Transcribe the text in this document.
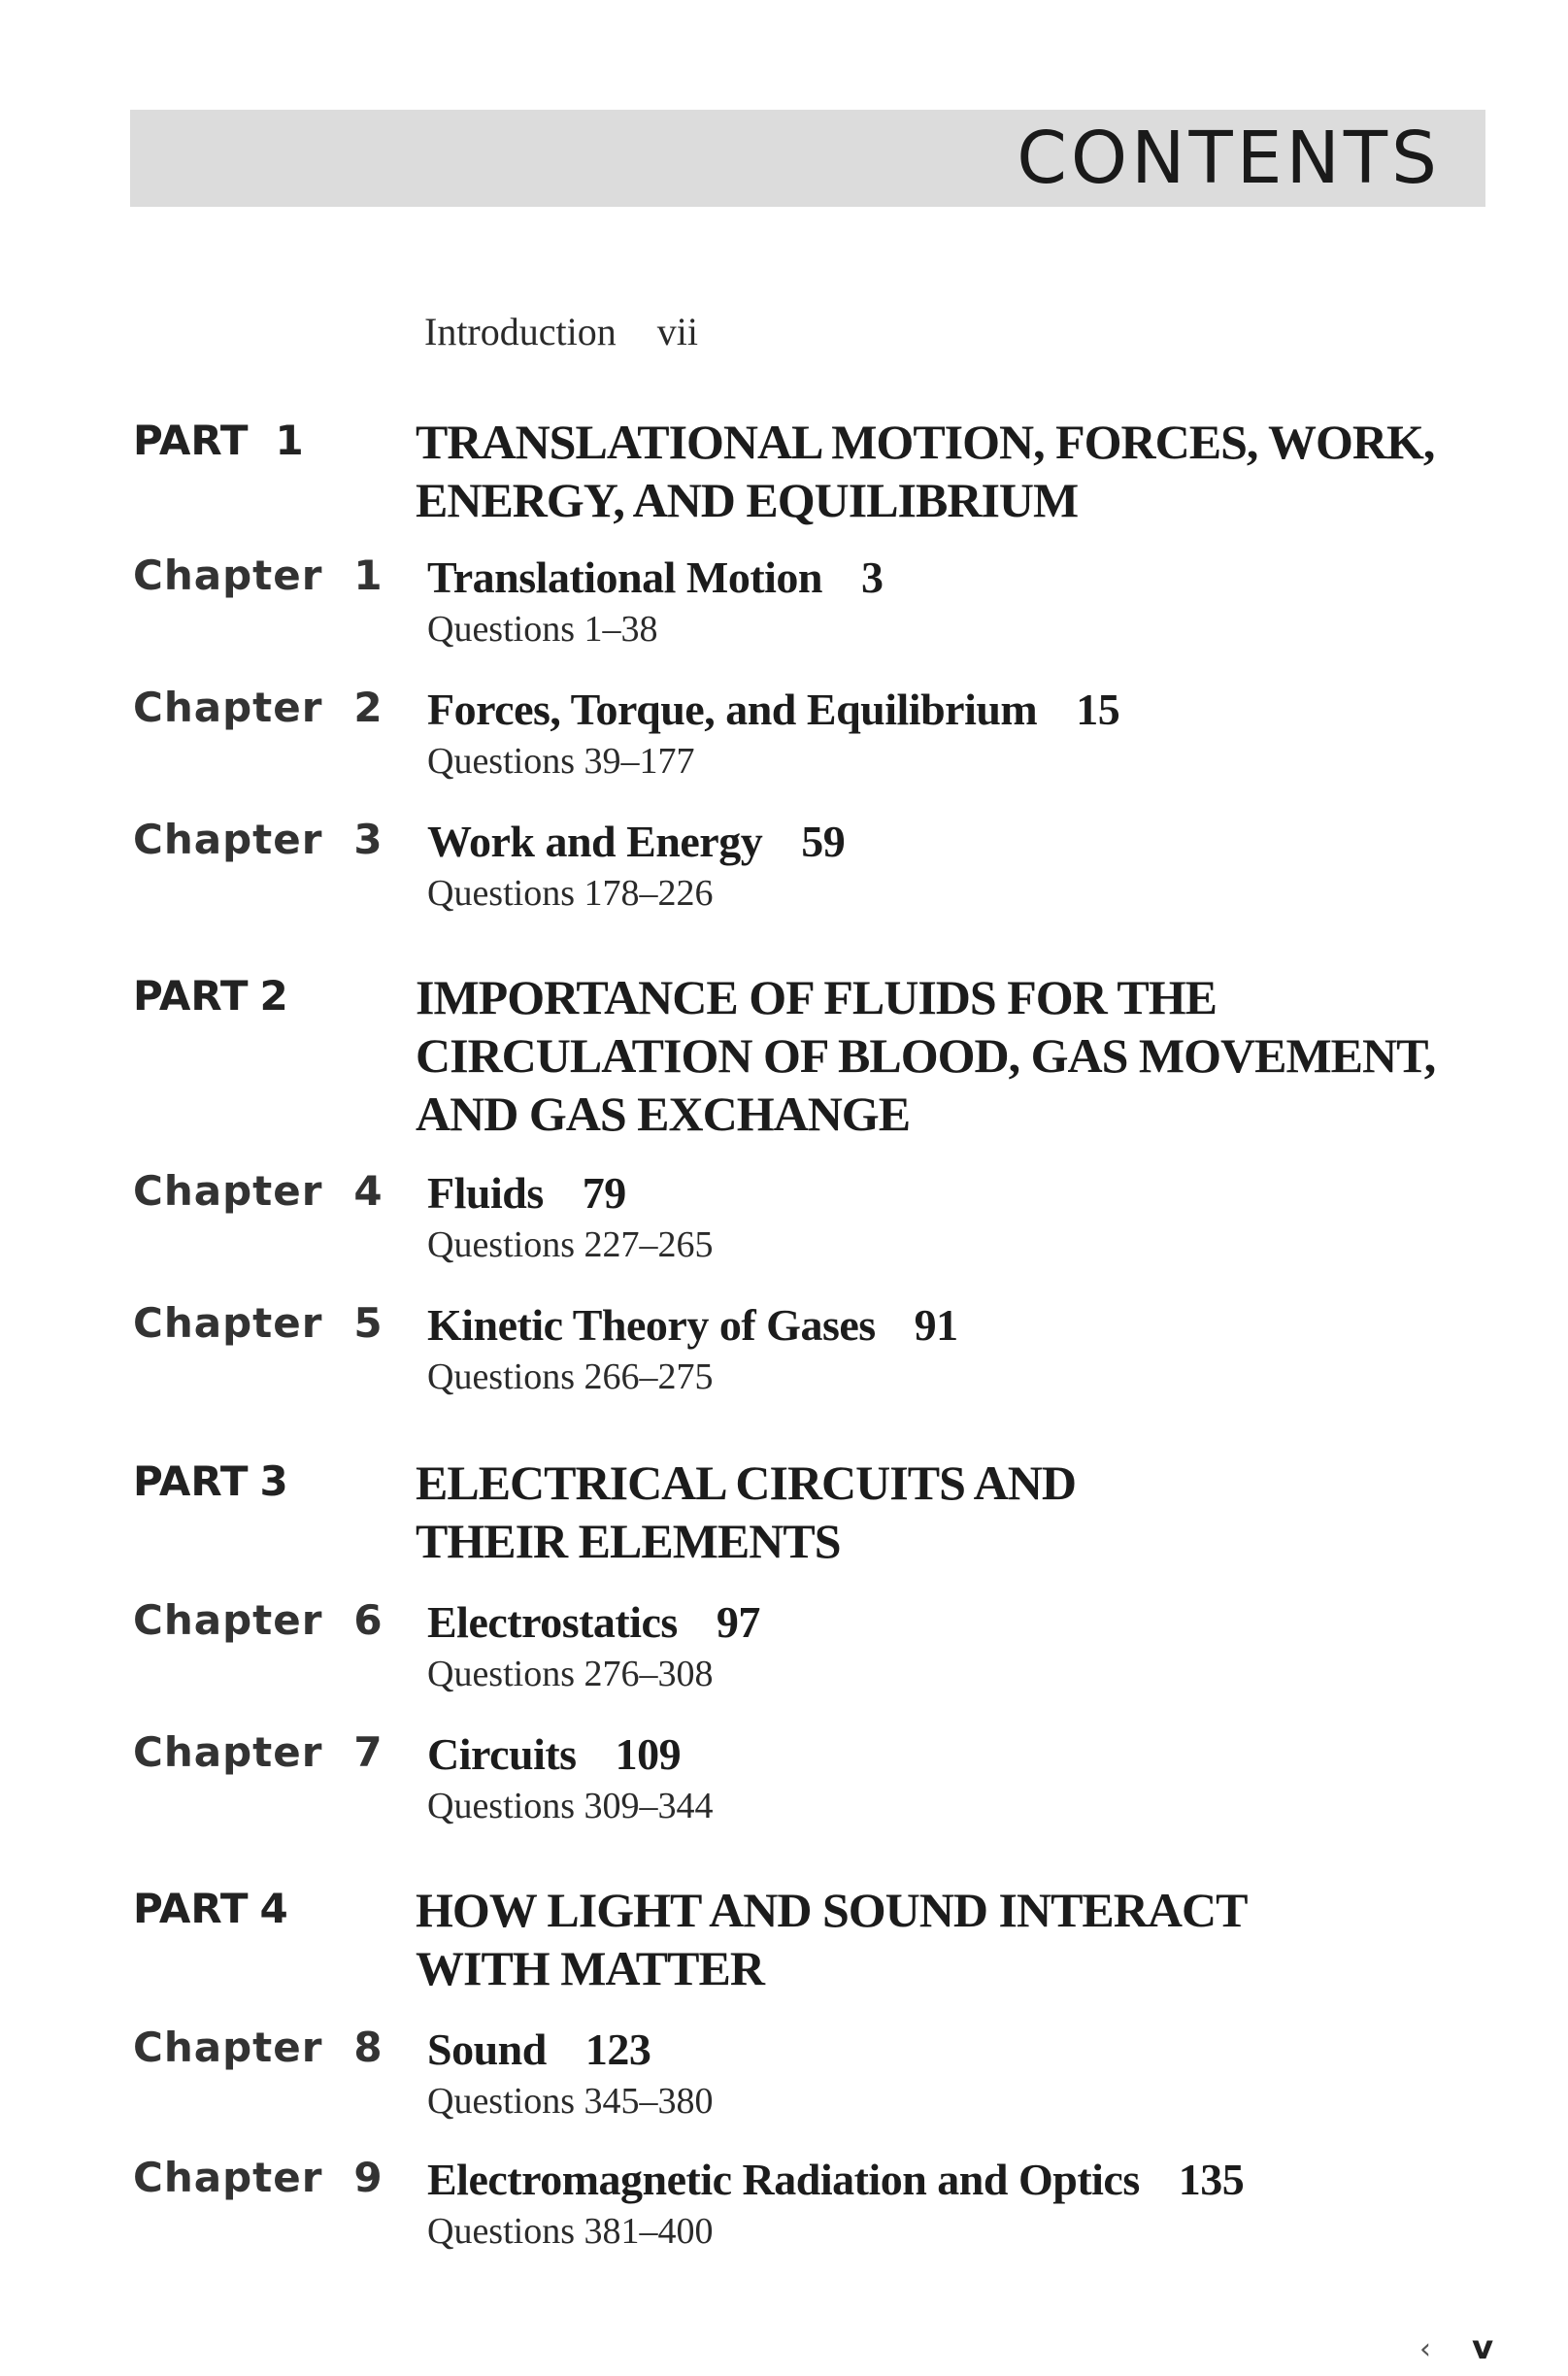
CONTENTS
Introduction vii
PART 1 TRANSLATIONAL MOTION, FORCES, WORK,
ENERGY, AND EQUILIBRIUM
Chapter 1 Translational Motion 3
Questions 1–38
Chapter 2 Forces, Torque, and Equilibrium 15
Questions 39–177
Chapter 3 Work and Energy 59
Questions 178–226
PART 2	IMPORTANCE OF FLUIDS FOR THE
CIRCULATION OF BLOOD, GAS MOVEMENT,
AND GAS EXCHANGE
Chapter 4 Fluids 79
Questions 227–265
Chapter 5 Kinetic Theory of Gases 91
Questions 266–275
PART 3	ELECTRICAL CIRCUITS AND
THEIR ELEMENTS
Chapter 6 Electrostatics 97
Questions 276–308
Chapter 7 Circuits 109
Questions 309–344
PART 4	HOW LIGHT AND SOUND INTERACT
WITH MATTER
Chapter 8 Sound 123
Questions 345–380
Chapter 9 Electromagnetic Radiation and Optics 135
Questions 381–400
‹ v
